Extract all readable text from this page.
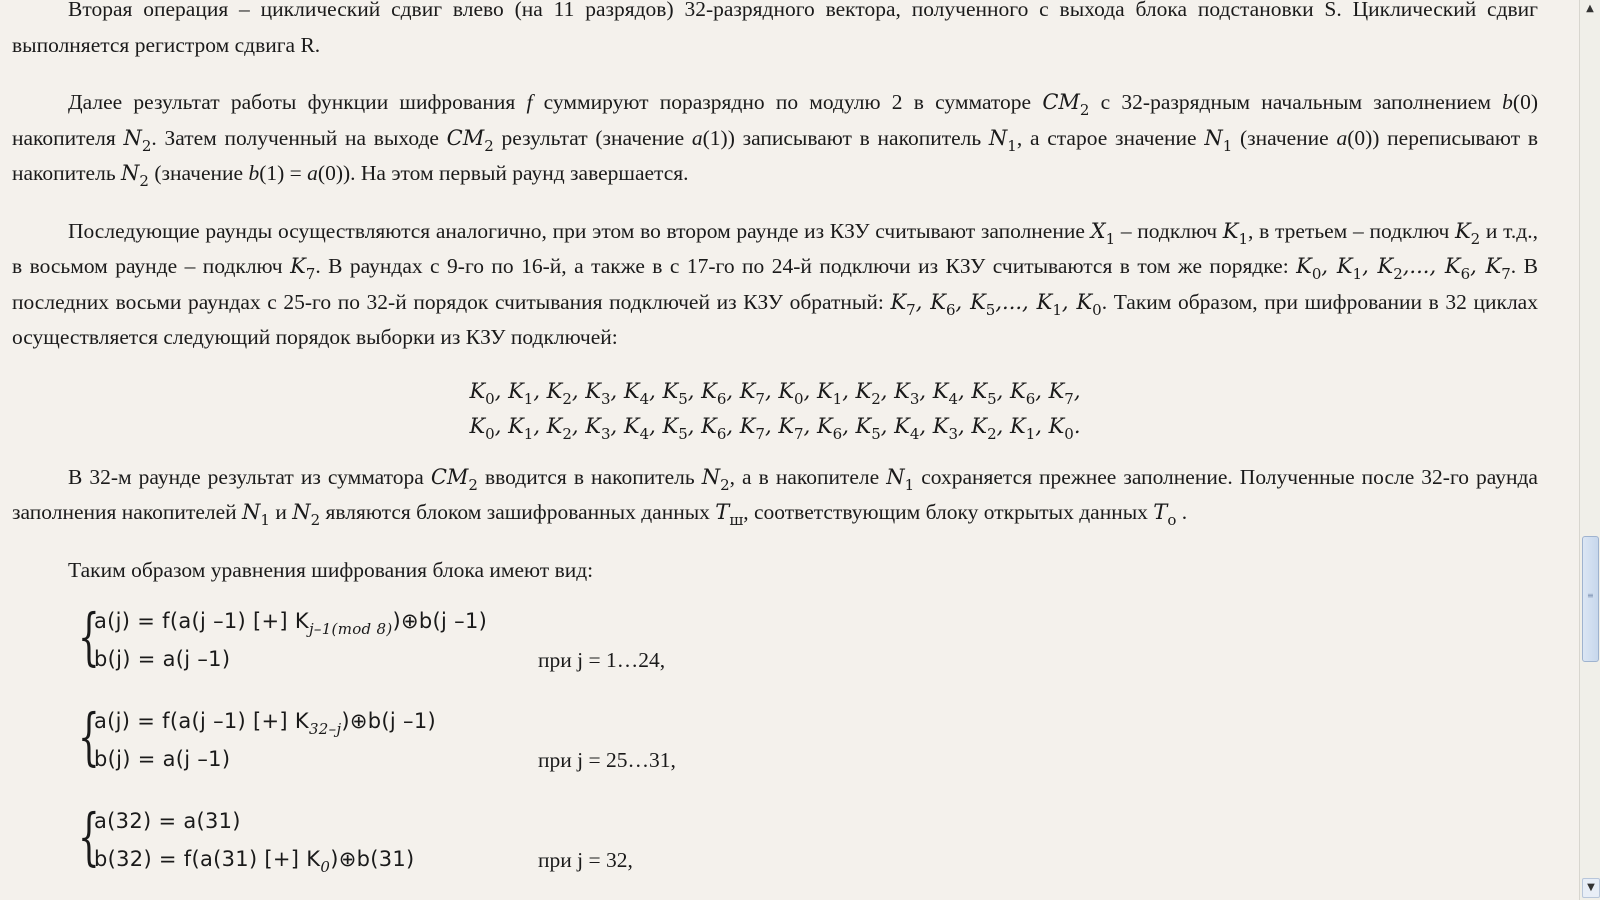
Вторая операция – циклический сдвиг влево (на 11 разрядов) 32-разрядного вектора, полученного с выхода блока подстановки S. Циклический сдвиг выполняется регистром сдвига R.

Далее результат работы функции шифрования f суммируют поразрядно по модулю 2 в сумматоре $CM_2$ с 32-разрядным начальным заполнением b(0) накопителя $N_2$. Затем полученный на выходе $CM_2$ результат (значение a(1)) записывают в накопитель $N_1$, а старое значение $N_1$ (значение a(0)) переписывают в накопитель $N_2$ (значение b(1) = a(0)). На этом первый раунд завершается.

Последующие раунды осуществляются аналогично, при этом во втором раунде из КЗУ считывают заполнение $X_1$ – подключ $K_1$, в третьем – подключ $K_2$ и т.д., в восьмом раунде – подключ $K_7$. В раундах с 9-го по 16-й, а также в с 17-го по 24-й подключи из КЗУ считываются в том же порядке: $K_0$, $K_1$, $K_2$,..., $K_6$, $K_7$. В последних восьми раундах с 25-го по 32-й порядок считывания подключей из КЗУ обратный: $K_7$, $K_6$, $K_5$,..., $K_1$, $K_0$. Таким образом, при шифровании в 32 циклах осуществляется следующий порядок выборки из КЗУ подключей:

$K_0$, $K_1$, $K_2$, $K_3$, $K_4$, $K_5$, $K_6$, $K_7$, $K_0$, $K_1$, $K_2$, $K_3$, $K_4$, $K_5$, $K_6$, $K_7$,
$K_0$, $K_1$, $K_2$, $K_3$, $K_4$, $K_5$, $K_6$, $K_7$, $K_7$, $K_6$, $K_5$, $K_4$, $K_3$, $K_2$, $K_1$, $K_0$.

В 32-м раунде результат из сумматора $CM_2$ вводится в накопитель $N_2$, а в накопителе $N_1$ сохраняется прежнее заполнение. Полученные после 32-го раунда заполнения накопителей $N_1$ и $N_2$ являются блоком зашифрованных данных $T_ш$, соответствующим блоку открытых данных $T_o$ .

Таким образом уравнения шифрования блока имеют вид:

{
a(j) = f(a(j –1) [+] $K_{j-1(mod 8)})\oplus b(j$ –1)
b(j) = a(j –1)	при j = 1…24,
{
a(j) = f(a(j –1) [+] $K_{32-j})\oplus b(j$ –1)
b(j) = a(j –1)	при j = 25…31,
{
a(32) = a(31)
b(32) = f(a(31) [+] $K_0)\oplus b(31)$	при j = 32,
▲
≡
▼
